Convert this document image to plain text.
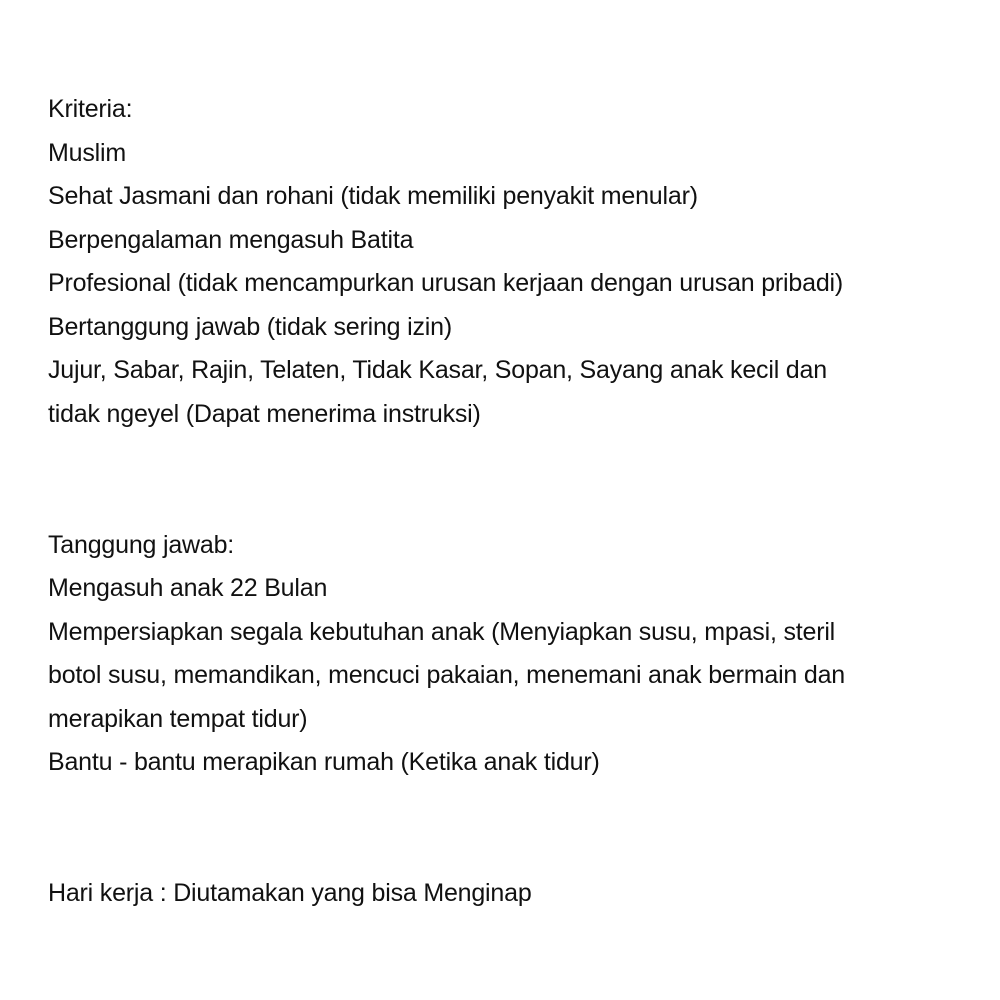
Kriteria:
Muslim
Sehat Jasmani dan rohani (tidak memiliki penyakit menular)
Berpengalaman mengasuh Batita
Profesional (tidak mencampurkan urusan kerjaan dengan urusan pribadi)
Bertanggung jawab (tidak sering izin)
Jujur, Sabar, Rajin, Telaten, Tidak Kasar, Sopan, Sayang anak kecil dan
tidak ngeyel (Dapat menerima instruksi)
Tanggung jawab:
Mengasuh anak 22 Bulan
Mempersiapkan segala kebutuhan anak (Menyiapkan susu, mpasi, steril
botol susu, memandikan, mencuci pakaian, menemani anak bermain dan
merapikan tempat tidur)
Bantu - bantu merapikan rumah (Ketika anak tidur)
Hari kerja : Diutamakan yang bisa Menginap
